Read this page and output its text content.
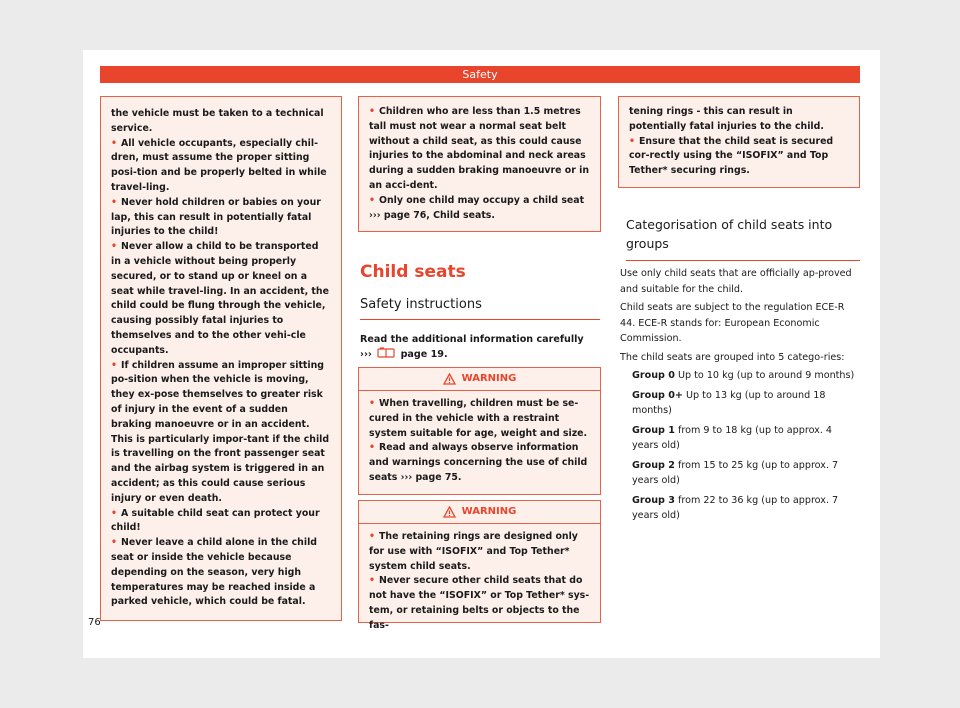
Safety

the vehicle must be taken to a technical service.

• All vehicle occupants, especially chil-dren, must assume the proper sitting posi-tion and be properly belted in while travel-ling.

• Never hold children or babies on your lap, this can result in potentially fatal injuries to the child!

• Never allow a child to be transported in a vehicle without being properly secured, or to stand up or kneel on a seat while travel-ling. In an accident, the child could be flung through the vehicle, causing possibly fatal injuries to themselves and to the other vehi-cle occupants.

• If children assume an improper sitting po-sition when the vehicle is moving, they ex-pose themselves to greater risk of injury in the event of a sudden braking manoeuvre or in an accident. This is particularly impor-tant if the child is travelling on the front passenger seat and the airbag system is triggered in an accident; as this could cause serious injury or even death.

• A suitable child seat can protect your child!

• Never leave a child alone in the child seat or inside the vehicle because depending on the season, very high temperatures may be reached inside a parked vehicle, which could be fatal.

• Children who are less than 1.5 metres tall must not wear a normal seat belt without a child seat, as this could cause injuries to the abdominal and neck areas during a sudden braking manoeuvre or in an acci-dent.

• Only one child may occupy a child seat
››› page 76, Child seats.

Child seats
Safety instructions
Read the additional information carefully
›››	page 19.
WARNING

• When travelling, children must be se-cured in the vehicle with a restraint system suitable for age, weight and size.

• Read and always observe information and warnings concerning the use of child seats ››› page 75.

WARNING

• The retaining rings are designed only for use with “ISOFIX” and Top Tether* system child seats.

• Never secure other child seats that do not have the “ISOFIX” or Top Tether* sys-tem, or retaining belts or objects to the fas-

tening rings - this can result in potentially fatal injuries to the child.

• Ensure that the child seat is secured cor-rectly using the “ISOFIX” and Top Tether* securing rings.

Categorisation of child seats into groups

Use only child seats that are officially ap-proved and suitable for the child.

Child seats are subject to the regulation ECE-R 44. ECE-R stands for: European Economic Commission.

The child seats are grouped into 5 catego-ries:

Group 0 Up to 10 kg (up to around 9 months)
Group 0+ Up to 13 kg (up to around 18 months)
Group 1 from 9 to 18 kg (up to approx. 4 years old)
Group 2 from 15 to 25 kg (up to approx. 7 years old)
Group 3 from 22 to 36 kg (up to approx. 7 years old)
76
